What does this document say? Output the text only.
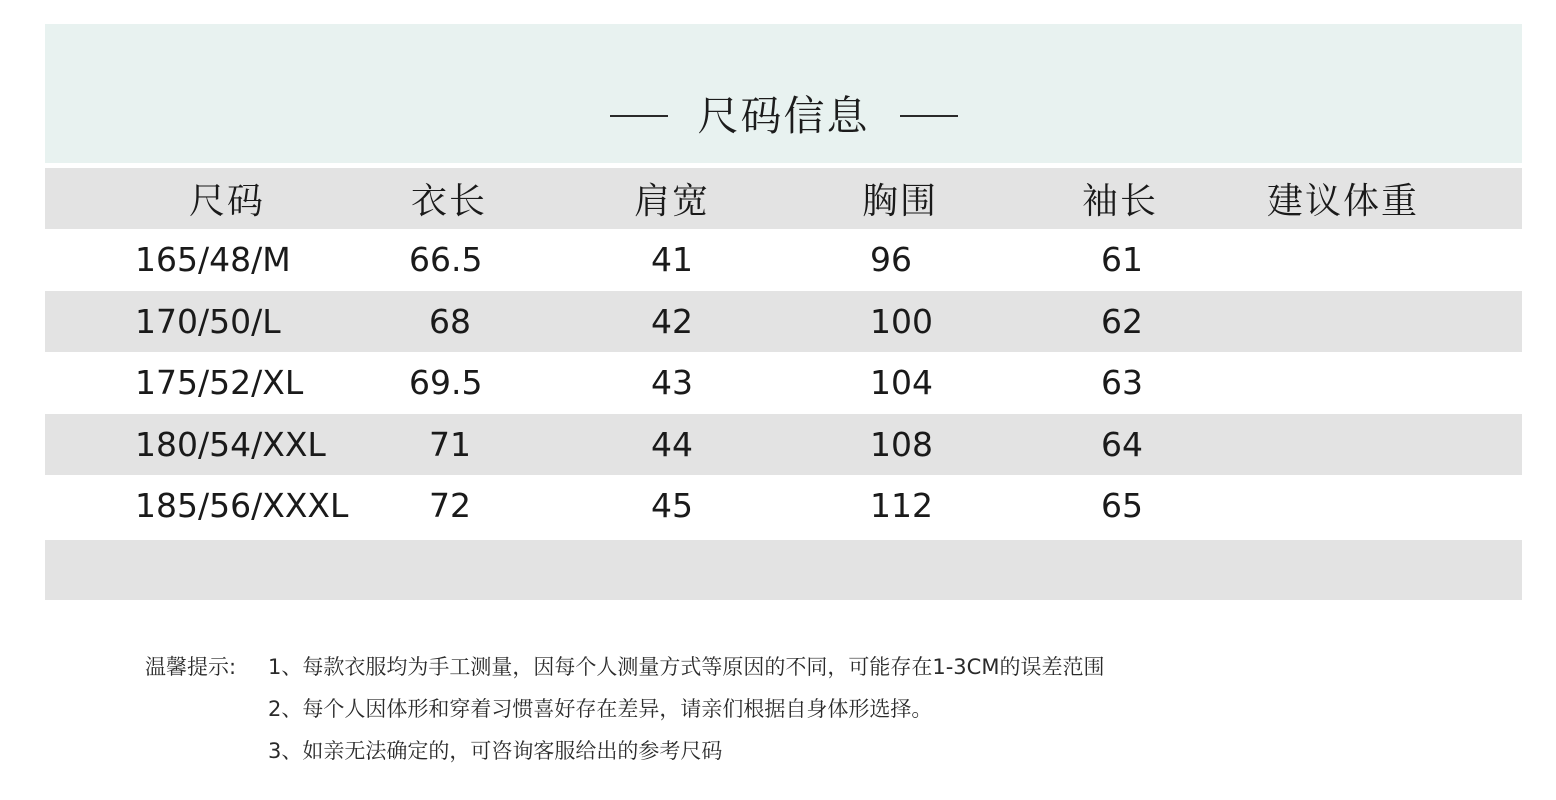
尺码信息
尺码	衣长	肩宽	胸围	袖长	建议体重
165/48/M	66.5	41	96	61
170/50/L	68	42	100	62
175/52/XL	69.5	43	104	63
180/54/XXL	71	44	108	64
185/56/XXXL 72	45	112	65
温馨提示: 1、每款衣服均为手工测量，因每个人测量方式等原因的不同，可能存在1-3CM的误差范围
2、每个人因体形和穿着习惯喜好存在差异，请亲们根据自身体形选择。
3、如亲无法确定的，可咨询客服给出的参考尺码
